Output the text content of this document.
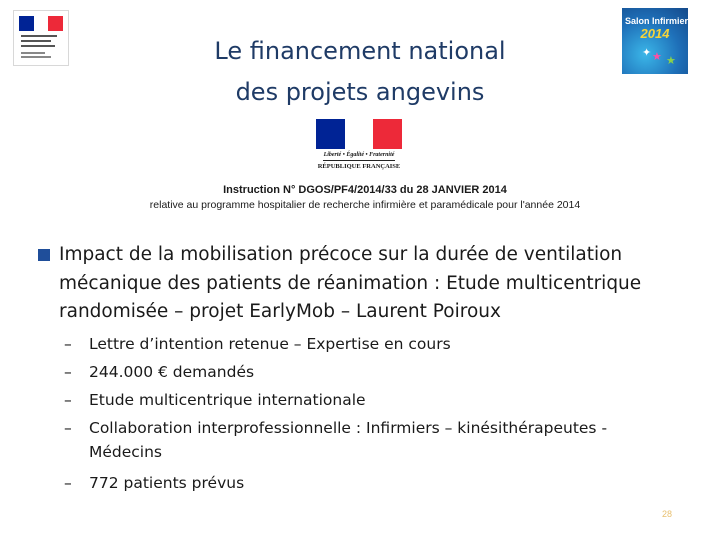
Salon Infirmier
2014
★ ★
✦
Le financement national
des projets angevins
Liberté • Égalité • Fraternité
RÉPUBLIQUE FRANÇAISE
Instruction N° DGOS/PF4/2014/33 du 28 JANVIER 2014
relative au programme hospitalier de recherche infirmière et paramédicale pour l'année 2014
Impact de la mobilisation précoce sur la durée de ventilation
mécanique des patients de réanimation : Etude multicentrique
randomisée – projet EarlyMob – Laurent Poiroux
– Lettre d’intention retenue – Expertise en cours
– 244.000 € demandés
– Etude multicentrique internationale
– Collaboration interprofessionnelle : Infirmiers – kinésithérapeutes -
Médecins
– 772 patients prévus
28
